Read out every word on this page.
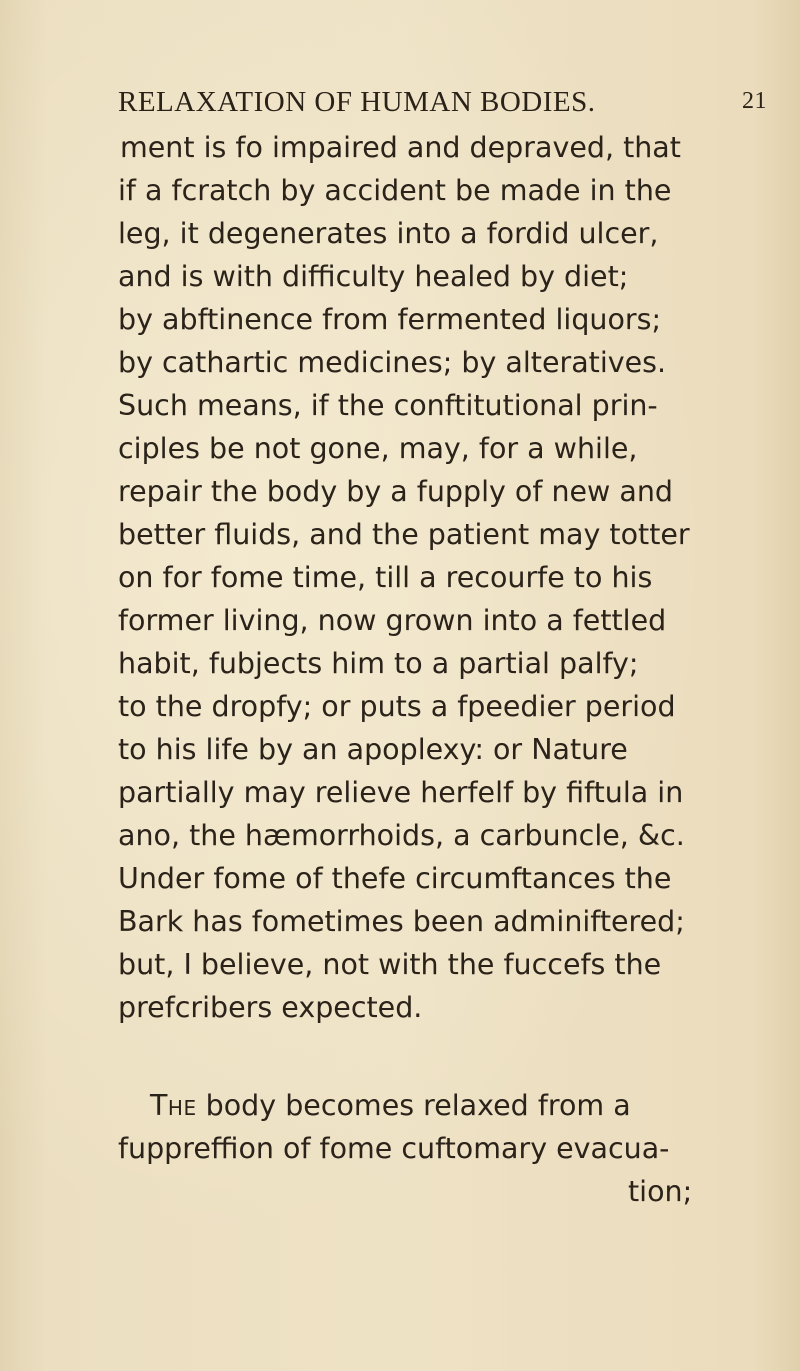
RELAXATION OF HUMAN BODIES.	21
ment is fo impaired and depraved, that
if a fcratch by accident be made in the
leg, it degenerates into a fordid ulcer,
and is with difficulty healed by diet;
by abftinence from fermented liquors;
by cathartic medicines; by alteratives.
Such means, if the conftitutional prin-
ciples be not gone, may, for a while,
repair the body by a fupply of new and
better fluids, and the patient may totter
on for fome time, till a recourfe to his
former living, now grown into a fettled
habit, fubjects him to a partial palfy;
to the dropfy; or puts a fpeedier period
to his life by an apoplexy: or Nature
partially may relieve herfelf by fiftula in
ano, the hæmorrhoids, a carbuncle, &c.
Under fome of thefe circumftances the
Bark has fometimes been adminiftered;
but, I believe, not with the fuccefs the
prefcribers expected.
The body becomes relaxed from a
fuppreffion of fome cuftomary evacua-
tion;
